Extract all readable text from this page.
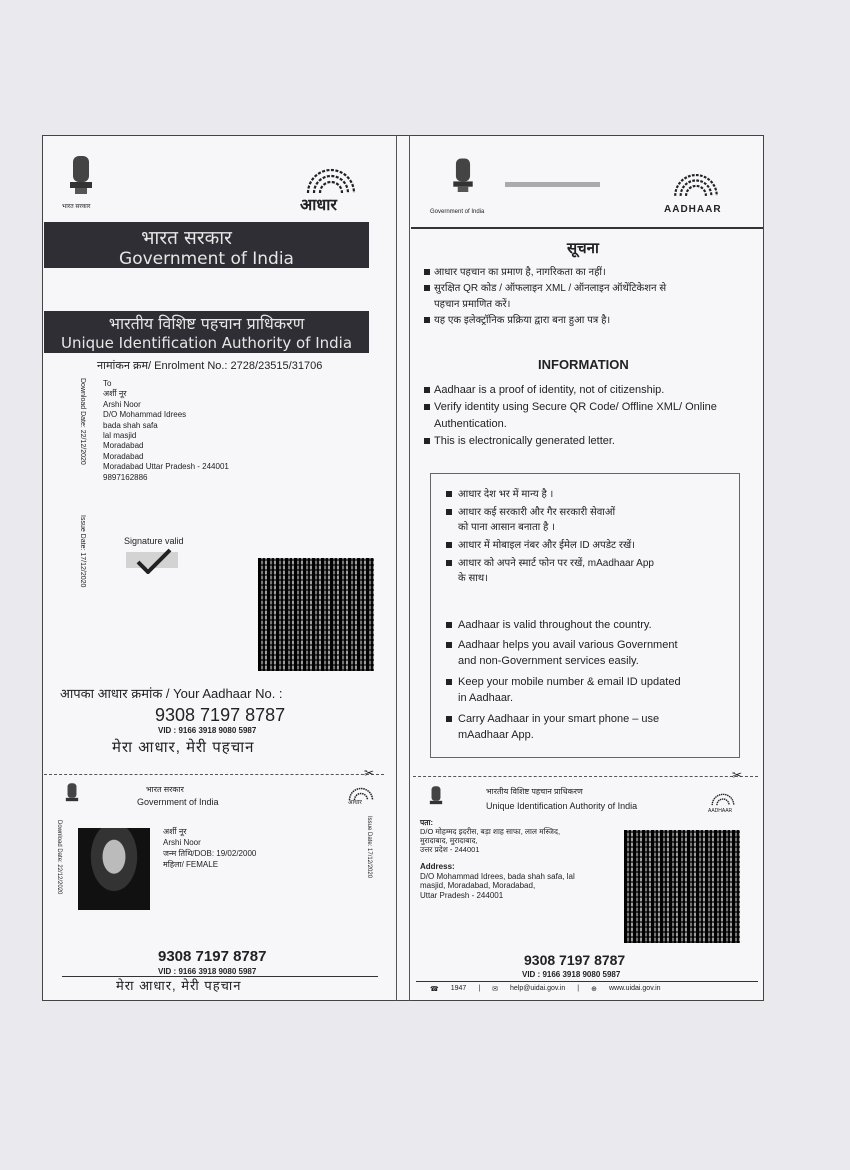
भारत सरकार	आधार
भारत सरकार
Government of India
भारतीय विशिष्ट पहचान प्राधिकरण
Unique Identification Authority of India
नामांकन क्रम/ Enrolment No.: 2728/23515/31706
Download Date: 22/12/2020
Issue Date: 17/12/2020
To
अर्शी नूर
Arshi Noor
D/O Mohammad Idrees
bada shah safa
lal masjid
Moradabad
Moradabad
Moradabad Uttar Pradesh - 244001
9897162886
Signature valid
आपका आधार क्रमांक / Your Aadhaar No. :
9308 7197 8787
VID : 9166 3918 9080 5987
मेरा आधार, मेरी पहचान
✂
भारत सरकार
Government of India	आधार
Download Date: 22/12/2020	Issue Date: 17/12/2020
अर्शी नूर
Arshi Noor
जन्म तिथि/DOB: 19/02/2000
महिला/ FEMALE
9308 7197 8787
VID : 9166 3918 9080 5987
मेरा आधार, मेरी पहचान
Government of India	AADHAAR
सूचना
आधार पहचान का प्रमाण है, नागरिकता का नहीं।
सुरक्षित QR कोड / ऑफलाइन XML / ऑनलाइन ऑथेंटिकेशन से
पहचान प्रमाणित करें।
यह एक इलेक्ट्रॉनिक प्रक्रिया द्वारा बना हुआ पत्र है।
INFORMATION
Aadhaar is a proof of identity, not of citizenship.
Verify identity using Secure QR Code/ Offline XML/ Online
Authentication.
This is electronically generated letter.
आधार देश भर में मान्य है ।
आधार कई सरकारी और गैर सरकारी सेवाओं
को पाना आसान बनाता है ।
आधार में मोबाइल नंबर और ईमेल ID अपडेट रखें।
आधार को अपने स्मार्ट फोन पर रखें, mAadhaar App
के साथ।
Aadhaar is valid throughout the country.
Aadhaar helps you avail various Government
and non-Government services easily.
Keep your mobile number & email ID updated
in Aadhaar.
Carry Aadhaar in your smart phone – use
mAadhaar App.
✂
भारतीय विशिष्ट पहचान प्राधिकरण
Unique Identification Authority of India	AADHAAR
पता:
D/O मोहम्मद इदरीस, बड़ा शाह साफा, लाल मस्जिद,
मुरादाबाद, मुरादाबाद,
उत्तर प्रदेश - 244001
Address:
D/O Mohammad Idrees, bada shah safa, lal
masjid, Moradabad, Moradabad,
Uttar Pradesh - 244001
9308 7197 8787
VID : 9166 3918 9080 5987
☎ 1947 | ✉ help@uidai.gov.in | ⊕ www.uidai.gov.in
